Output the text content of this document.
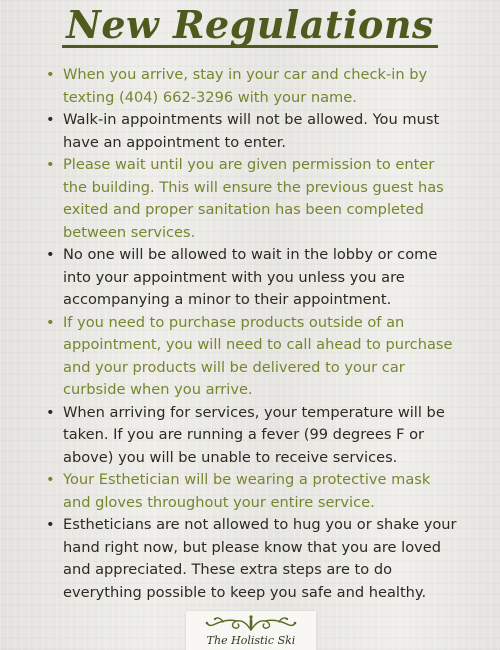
New Regulations
• When you arrive, stay in your car and check-in by texting (404) 662-3296 with your name.
• Walk-in appointments will not be allowed. You must have an appointment to enter.
• Please wait until you are given permission to enter the building. This will ensure the previous guest has exited and proper sanitation has been completed between services.
• No one will be allowed to wait in the lobby or come into your appointment with you unless you are accompanying a minor to their appointment.
• If you need to purchase products outside of an appointment, you will need to call ahead to purchase and your products will be delivered to your car curbside when you arrive.
• When arriving for services, your temperature will be taken. If you are running a fever (99 degrees F or above) you will be unable to receive services.
• Your Esthetician will be wearing a protective mask and gloves throughout your entire service.
• Estheticians are not allowed to hug you or shake your hand right now, but please know that you are loved and appreciated. These extra steps are to do everything possible to keep you safe and healthy.
The Holistic Ski
